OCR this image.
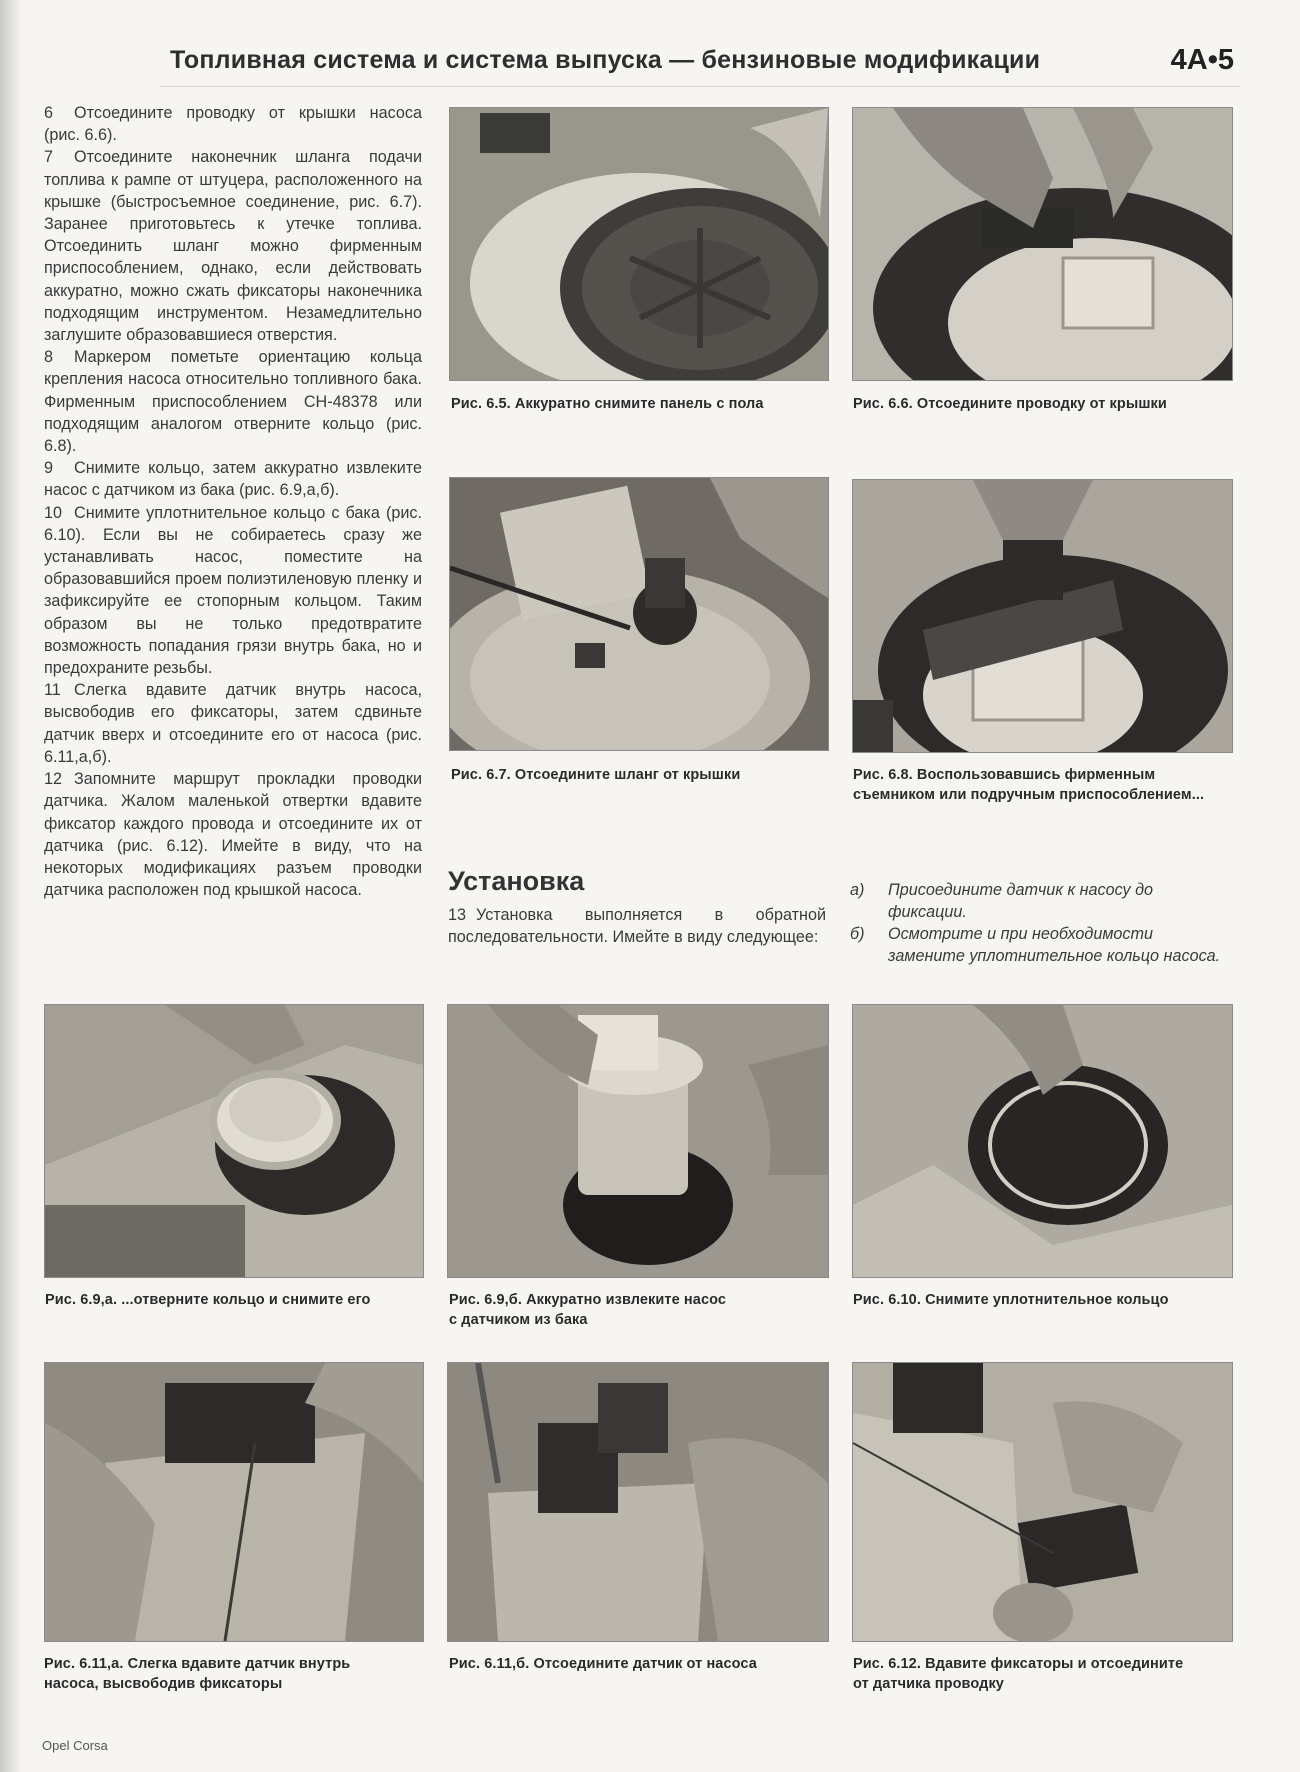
Топливная система и система выпуска — бензиновые модификации	4A•5

6 Отсоедините проводку от крышки насоса (рис. 6.6).

7 Отсоедините наконечник шланга подачи топлива к рампе от штуцера, расположенного на крышке (быстросъемное соединение, рис. 6.7). Заранее приготовьтесь к утечке топлива. Отсоединить шланг можно фирменным приспособлением, однако, если действовать аккуратно, можно сжать фиксаторы наконечника подходящим инструментом. Незамедлительно заглушите образовавшиеся отверстия.

8 Маркером пометьте ориентацию кольца крепления насоса относительно топливного бака. Фирменным приспособлением CH-48378 или подходящим аналогом отверните кольцо (рис. 6.8).

9 Снимите кольцо, затем аккуратно извлеките насос с датчиком из бака (рис. 6.9,а,б).

10 Снимите уплотнительное кольцо с бака (рис. 6.10). Если вы не собираетесь сразу же устанавливать насос, поместите на образовавшийся проем полиэтиленовую пленку и зафиксируйте ее стопорным кольцом. Таким образом вы не только предотвратите возможность попадания грязи внутрь бака, но и предохраните резьбы.

11 Слегка вдавите датчик внутрь насоса, высвободив его фиксаторы, затем сдвиньте датчик вверх и отсоедините его от насоса (рис. 6.11,а,б).

12 Запомните маршрут прокладки проводки датчика. Жалом маленькой отвертки вдавите фиксатор каждого провода и отсоедините их от датчика (рис. 6.12). Имейте в виду, что на некоторых модификациях разъем проводки датчика расположен под крышкой насоса.

Рис. 6.5. Аккуратно снимите панель с пола	Рис. 6.6. Отсоедините проводку от крышки
Рис. 6.7. Отсоедините шланг от крышки	Рис. 6.8. Воспользовавшись фирменным
съемником или подручным приспособлением...
Установка
13 Установка выполняется в обратной последовательности. Имейте в виду следующее:
а)	Присоедините датчик к насосу до фиксации.
б)	Осмотрите и при необходимости замените уплотнительное кольцо насоса.
Рис. 6.9,а. ...отверните кольцо и снимите его	Рис. 6.9,б. Аккуратно извлеките насос
с датчиком из бака
Рис. 6.10. Снимите уплотнительное кольцо
Рис. 6.11,а. Слегка вдавите датчик внутрь
насоса, высвободив фиксаторы
Рис. 6.11,б. Отсоедините датчик от насоса	Рис. 6.12. Вдавите фиксаторы и отсоедините
от датчика проводку
Opel Corsa
